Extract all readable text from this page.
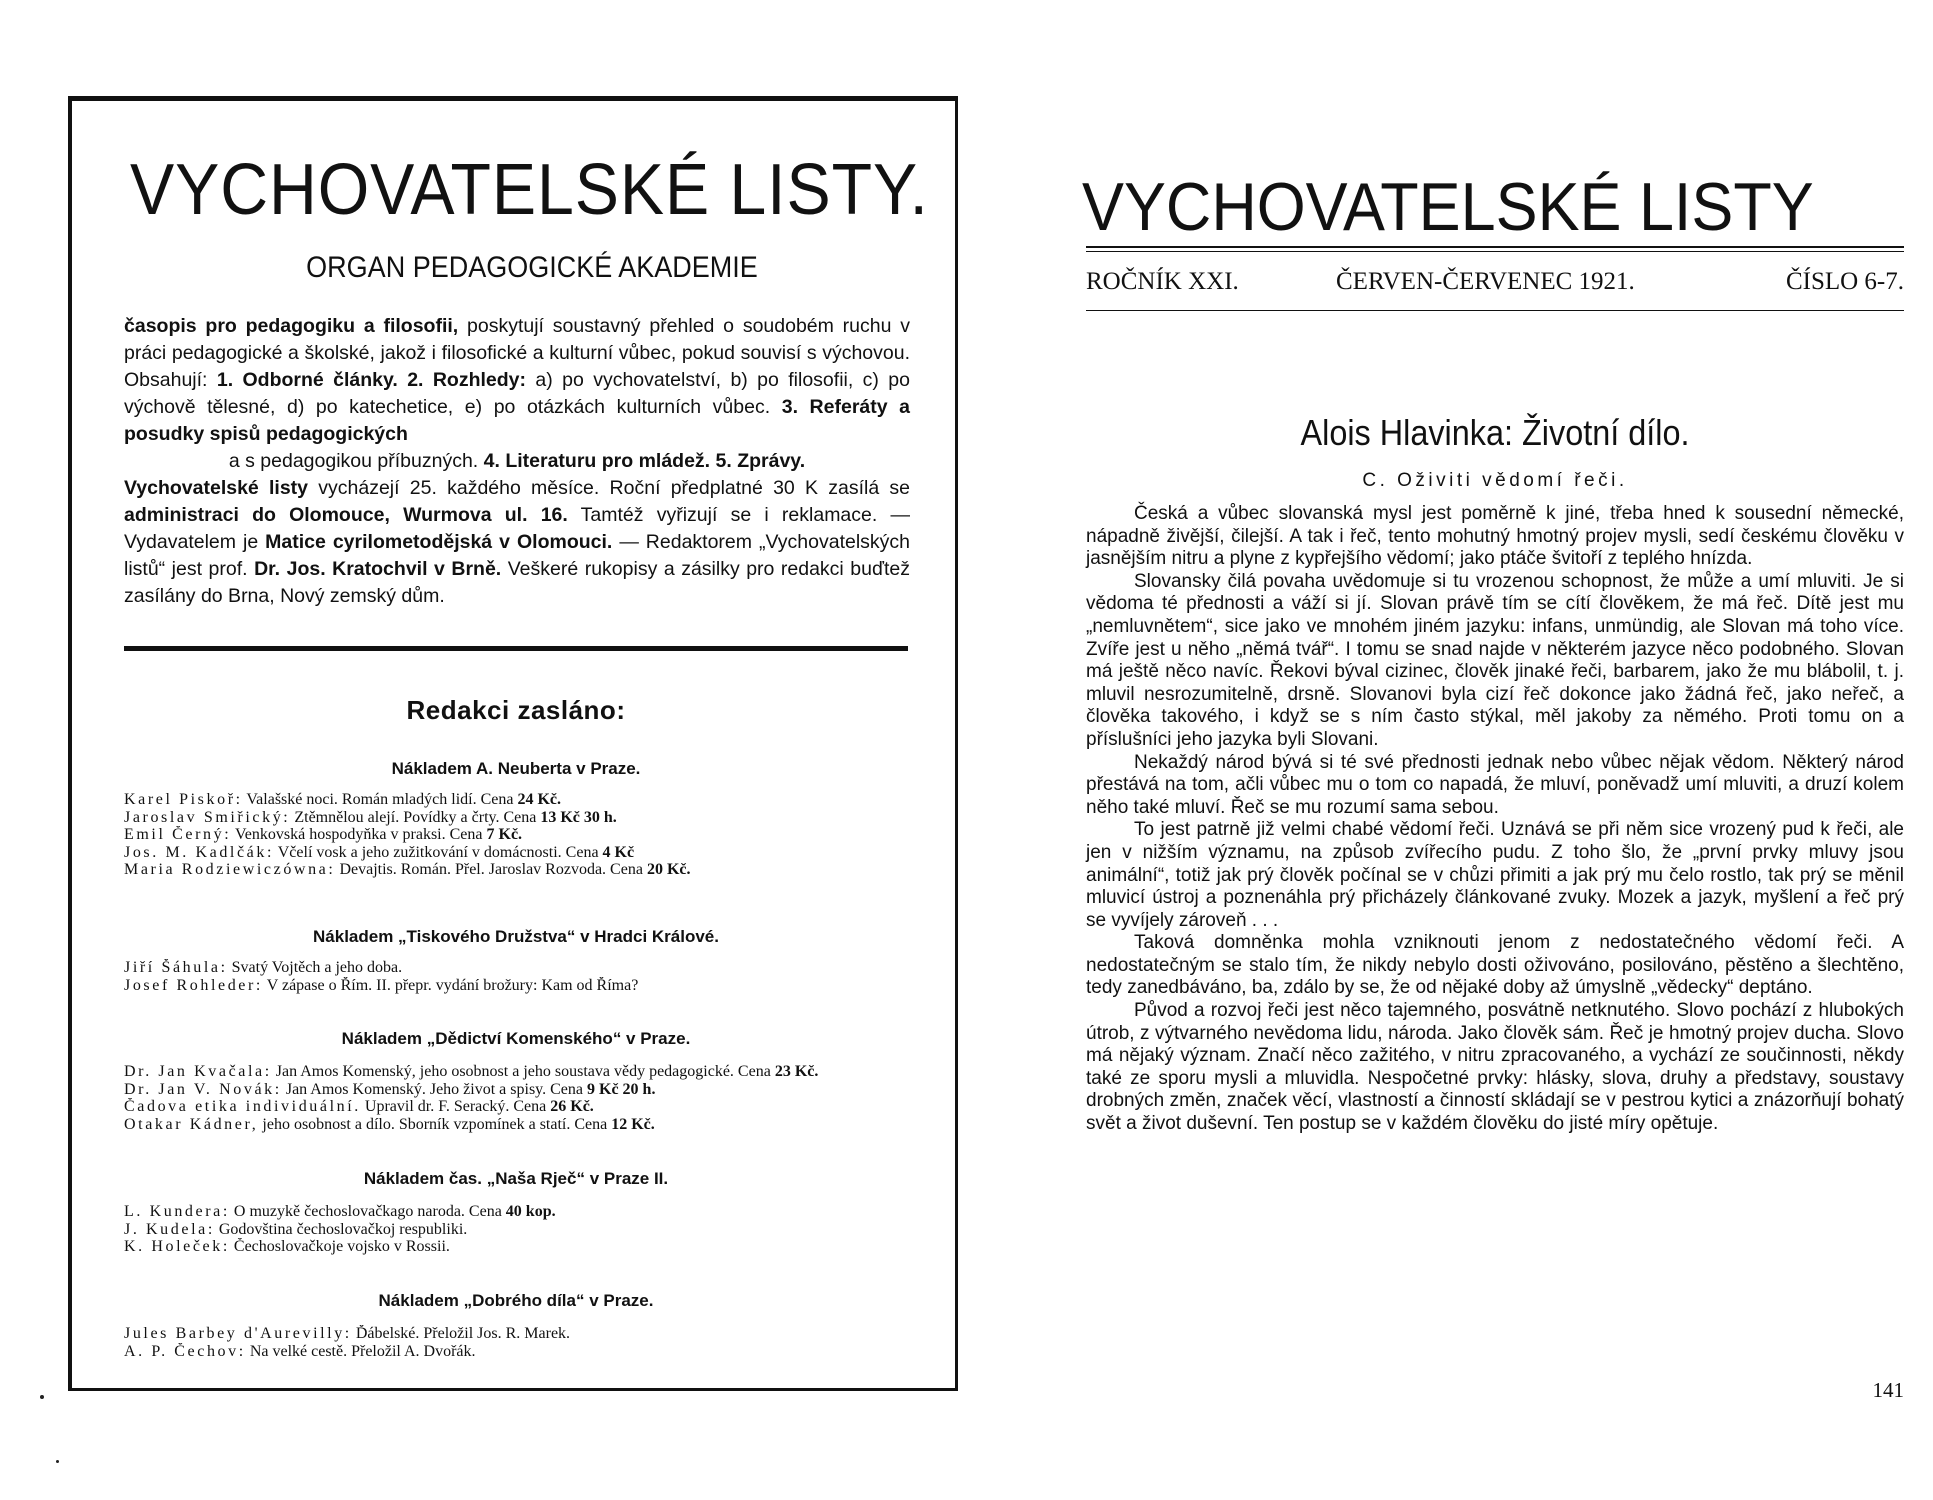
VYCHOVATELSKÉ LISTY.
ORGAN PEDAGOGICKÉ AKADEMIE

časopis pro pedagogiku a filosofii, poskytují soustavný přehled o soudobém ruchu v práci pedagogické a školské, jakož i filosofické a kulturní vůbec, pokud souvisí s výchovou. Obsahují: 1. Odborné články. 2. Rozhledy: a) po vychovatelství, b) po filosofii, c) po výchově tělesné, d) po katechetice, e) po otázkách kulturních vůbec. 3. Referáty a posudky spisů pedagogických

a s pedagogikou příbuzných. 4. Literaturu pro mládež. 5. Zprávy.

Vychovatelské listy vycházejí 25. každého měsíce. Roční předplatné 30 K zasílá se administraci do Olomouce, Wurmova ul. 16. Tamtéž vyřizují se i reklamace. — Vydavatelem je Matice cyrilometodějská v Olomouci. — Redaktorem „Vychovatelských listů“ jest prof. Dr. Jos. Kratochvil v Brně. Veškeré rukopisy a zásilky pro redakci buďtež zasílány do Brna, Nový zemský dům.

Redakci zasláno:
Nákladem A. Neuberta v Praze.

Karel Piskoř: Valašské noci. Román mladých lidí. Cena 24 Kč.

Jaroslav Smiřický: Ztěmnělou alejí. Povídky a črty. Cena 13 Kč 30 h.

Emil Černý: Venkovská hospodyňka v praksi. Cena 7 Kč.

Jos. M. Kadlčák: Včelí vosk a jeho zužitkování v domácnosti. Cena 4 Kč

Maria Rodziewiczówna: Devajtis. Román. Přel. Jaroslav Rozvoda. Cena 20 Kč.

Nákladem „Tiskového Družstva“ v Hradci Králové.

Jiří Šáhula: Svatý Vojtěch a jeho doba.

Josef Rohleder: V zápase o Řím. II. přepr. vydání brožury: Kam od Říma?

Nákladem „Dědictví Komenského“ v Praze.

Dr. Jan Kvačala: Jan Amos Komenský, jeho osobnost a jeho soustava vědy pedagogické. Cena 23 Kč.

Dr. Jan V. Novák: Jan Amos Komenský. Jeho život a spisy. Cena 9 Kč 20 h.

Čadova etika individuální. Upravil dr. F. Seracký. Cena 26 Kč.

Otakar Kádner, jeho osobnost a dílo. Sborník vzpomínek a statí. Cena 12 Kč.

Nákladem čas. „Naša Rječ“ v Praze II.

L. Kundera: O muzykě čechoslovačkago naroda. Cena 40 kop.

J. Kudela: Godovština čechoslovačkoj respubliki.

K. Holeček: Čechoslovačkoje vojsko v Rossii.

Nákladem „Dobrého díla“ v Praze.

Jules Barbey d'Aurevilly: Ďábelské. Přeložil Jos. R. Marek.

A. P. Čechov: Na velké cestě. Přeložil A. Dvořák.

VYCHOVATELSKÉ LISTY
ROČNÍK XXI.	ČERVEN-ČERVENEC 1921.	ČÍSLO 6-7.
Alois Hlavinka: Životní dílo.
C. Oživiti vědomí řeči.

Česká a vůbec slovanská mysl jest poměrně k jiné, třeba hned k sousední německé, nápadně živější, čilejší. A tak i řeč, tento mohutný hmotný projev mysli, sedí českému člověku v jasnějším nitru a plyne z kypřejšího vědomí; jako ptáče švitoří z teplého hnízda.

Slovansky čilá povaha uvědomuje si tu vrozenou schopnost, že může a umí mluviti. Je si vědoma té přednosti a váží si jí. Slovan právě tím se cítí člověkem, že má řeč. Dítě jest mu „nemluvnětem“, sice jako ve mnohém jiném jazyku: infans, unmündig, ale Slovan má toho více. Zvíře jest u něho „němá tvář“. I tomu se snad najde v některém jazyce něco podobného. Slovan má ještě něco navíc. Řekovi býval cizinec, člověk jinaké řeči, barbarem, jako že mu blábolil, t. j. mluvil nesrozumitelně, drsně. Slovanovi byla cizí řeč dokonce jako žádná řeč, jako neřeč, a člověka takového, i když se s ním často stýkal, měl jakoby za němého. Proti tomu on a příslušníci jeho jazyka byli Slovani.

Nekaždý národ bývá si té své přednosti jednak nebo vůbec nějak vědom. Některý národ přestává na tom, ačli vůbec mu o tom co napadá, že mluví, poněvadž umí mluviti, a druzí kolem něho také mluví. Řeč se mu rozumí sama sebou.

To jest patrně již velmi chabé vědomí řeči. Uznává se při něm sice vrozený pud k řeči, ale jen v nižším významu, na způsob zvířecího pudu. Z toho šlo, že „první prvky mluvy jsou animální“, totiž jak prý člověk počínal se v chůzi přimiti a jak prý mu čelo rostlo, tak prý se měnil mluvicí ústroj a poznenáhla prý přicházely článkované zvuky. Mozek a jazyk, myšlení a řeč prý se vyvíjely zároveň . . .

Taková domněnka mohla vzniknouti jenom z nedostatečného vědomí řeči. A nedostatečným se stalo tím, že nikdy nebylo dosti oživováno, posilováno, pěstěno a šlechtěno, tedy zanedbáváno, ba, zdálo by se, že od nějaké doby až úmyslně „vědecky“ deptáno.

Původ a rozvoj řeči jest něco tajemného, posvátně netknutého. Slovo pochází z hlubokých útrob, z výtvarného nevědoma lidu, národa. Jako člověk sám. Řeč je hmotný projev ducha. Slovo má nějaký význam. Značí něco zažitého, v nitru zpracovaného, a vychází ze součinnosti, někdy také ze sporu mysli a mluvidla. Nespočetné prvky: hlásky, slova, druhy a představy, soustavy drobných změn, značek věcí, vlastností a činností skládají se v pestrou kytici a znázorňují bohatý svět a život duševní. Ten postup se v každém člověku do jisté míry opětuje.

141
